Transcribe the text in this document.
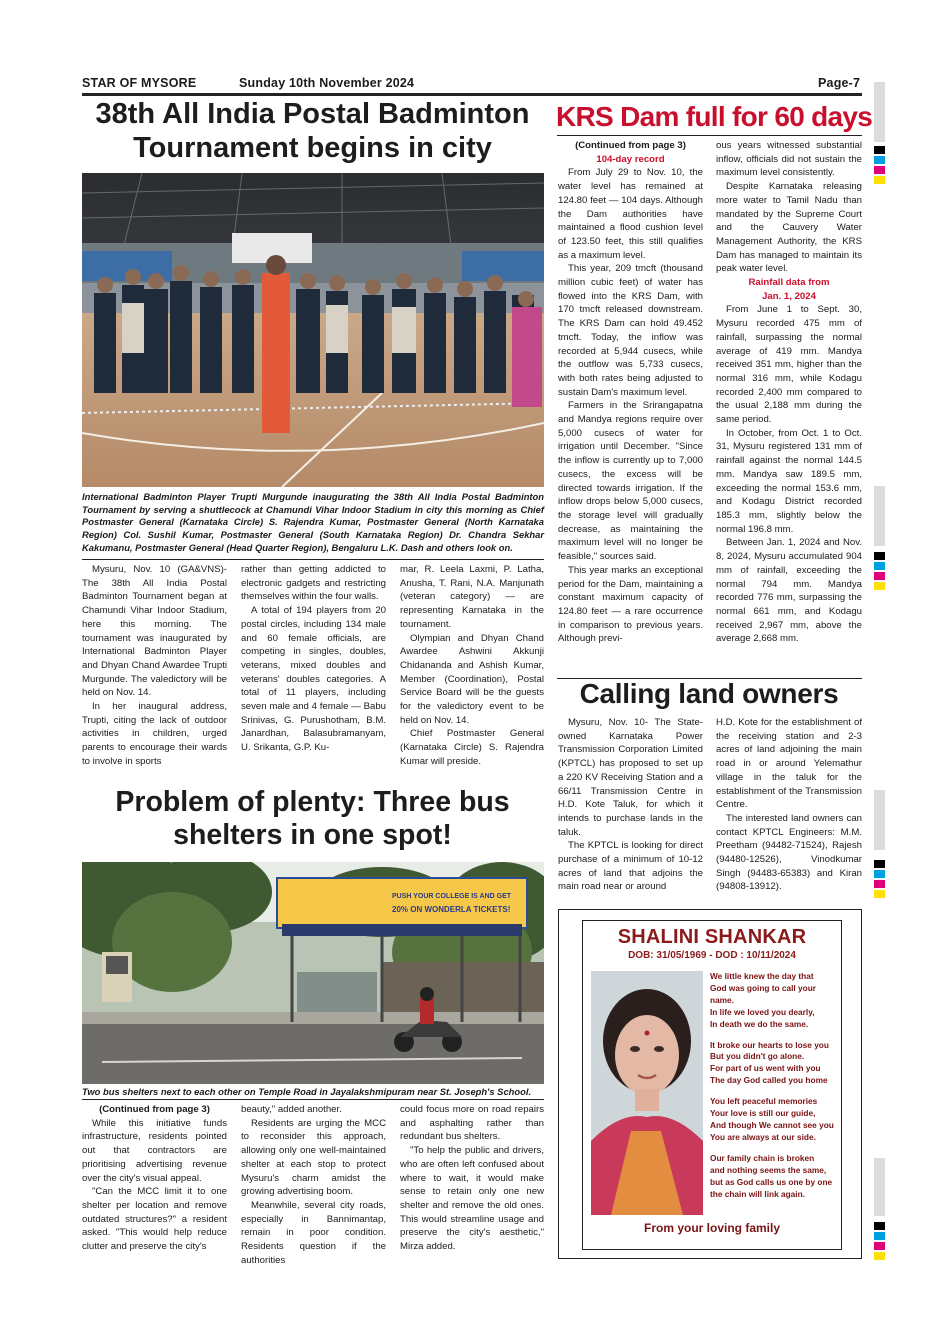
STAR OF MYSORE	Sunday 10th November 2024	Page-7
38th All India Postal Badminton
Tournament begins in city
International Badminton Player Trupti Murgunde inaugurating the 38th All India Postal Badminton Tournament by serving a shuttlecock at Chamundi Vihar Indoor Stadium in city this morning as Chief Postmaster General (Karnataka Circle) S. Rajendra Kumar, Postmaster General (North Karnataka Region) Col. Sushil Kumar, Postmaster General (South Karnataka Region) Dr. Chandra Sekhar Kakumanu, Postmaster General (Head Quarter Region), Bengaluru L.K. Dash and others look on.

Mysuru, Nov. 10 (GA&VNS)- The 38th All India Postal Badminton Tournament began at Chamundi Vihar Indoor Stadium, here this morning. The tournament was inaugurated by International Badminton Player and Dhyan Chand Awardee Trupti Murgunde. The valedictory will be held on Nov. 14.

In her inaugural address, Trupti, citing the lack of outdoor activities in children, urged parents to encourage their wards to involve in sports

rather than getting addicted to electronic gadgets and restricting themselves within the four walls.

A total of 194 players from 20 postal circles, including 134 male and 60 female officials, are competing in singles, doubles, veterans, mixed doubles and veterans' doubles categories. A total of 11 players, including seven male and 4 female — Babu Srinivas, G. Purushotham, B.M. Janardhan, Balasubramanyam, U. Srikanta, G.P. Ku-

mar, R. Leela Laxmi, P. Latha, Anusha, T. Rani, N.A. Manjunath (veteran category) — are representing Karnataka in the tournament.

Olympian and Dhyan Chand Awardee Ashwini Akkunji Chidananda and Ashish Kumar, Member (Coordination), Postal Service Board will be the guests for the valedictory event to be held on Nov. 14.

Chief Postmaster General (Karnataka Circle) S. Rajendra Kumar will preside.

KRS Dam full for 60 days

(Continued from page 3)

104-day record

From July 29 to Nov. 10, the water level has remained at 124.80 feet — 104 days. Although the Dam authorities have maintained a flood cushion level of 123.50 feet, this still qualifies as a maximum level.

This year, 209 tmcft (thousand million cubic feet) of water has flowed into the KRS Dam, with 170 tmcft released downstream. The KRS Dam can hold 49.452 tmcft. Today, the inflow was recorded at 5,944 cusecs, while the outflow was 5,733 cusecs, with both rates being adjusted to sustain Dam's maximum level.

Farmers in the Srirangapatna and Mandya regions require over 5,000 cusecs of water for irrigation until December. "Since the inflow is currently up to 7,000 cusecs, the excess will be directed towards irrigation. If the inflow drops below 5,000 cusecs, the storage level will gradually decrease, as maintaining the maximum level will no longer be feasible," sources said.

This year marks an exceptional period for the Dam, maintaining a constant maximum capacity of 124.80 feet — a rare occurrence in comparison to previous years. Although previ-

ous years witnessed substantial inflow, officials did not sustain the maximum level consistently.

Despite Karnataka releasing more water to Tamil Nadu than mandated by the Supreme Court and the Cauvery Water Management Authority, the KRS Dam has managed to maintain its peak water level.

Rainfall data from

Jan. 1, 2024

From June 1 to Sept. 30, Mysuru recorded 475 mm of rainfall, surpassing the normal average of 419 mm. Mandya received 351 mm, higher than the normal 316 mm, while Kodagu recorded 2,400 mm compared to the usual 2,188 mm during the same period.

In October, from Oct. 1 to Oct. 31, Mysuru registered 131 mm of rainfall against the normal 144.5 mm. Mandya saw 189.5 mm, exceeding the normal 153.6 mm, and Kodagu District recorded 185.3 mm, slightly below the normal 196.8 mm.

Between Jan. 1, 2024 and Nov. 8, 2024, Mysuru accumulated 904 mm of rainfall, exceeding the normal 794 mm. Mandya recorded 776 mm, surpassing the normal 661 mm, and Kodagu received 2,967 mm, above the average 2,668 mm.

Calling land owners

Mysuru, Nov. 10- The State-owned Karnataka Power Transmission Corporation Limited (KPTCL) has proposed to set up a 220 KV Receiving Station and a 66/11 Transmission Centre in H.D. Kote Taluk, for which it intends to purchase lands in the taluk.

The KPTCL is looking for direct purchase of a minimum of 10-12 acres of land that adjoins the main road near or around

H.D. Kote for the establishment of the receiving station and 2-3 acres of land adjoining the main road in or around Yelemathur village in the taluk for the establishment of the Transmission Centre.

The interested land owners can contact KPTCL Engineers: M.M. Preetham (94482-71524), Rajesh (94480-12526), Vinodkumar Singh (94483-65383) and Kiran (94808-13912).

Problem of plenty: Three bus
shelters in one spot!
PUSH YOUR COLLEGE IS AND GET
20% ON WONDERLA TICKETS!
Two bus shelters next to each other on Temple Road in Jayalakshmipuram near St. Joseph's School.

(Continued from page 3)

While this initiative funds infrastructure, residents pointed out that contractors are prioritising advertising revenue over the city's visual appeal.

"Can the MCC limit it to one shelter per location and remove outdated structures?" a resident asked. "This would help reduce clutter and preserve the city's

beauty," added another.

Residents are urging the MCC to reconsider this approach, allowing only one well-maintained shelter at each stop to protect Mysuru's charm amidst the growing advertising boom.

Meanwhile, several city roads, especially in Bannimantap, remain in poor condition. Residents question if the authorities

could focus more on road repairs and asphalting rather than redundant bus shelters.

"To help the public and drivers, who are often left confused about where to wait, it would make sense to retain only one new shelter and remove the old ones. This would streamline usage and preserve the city's aesthetic," Mirza added.

SHALINI SHANKAR
DOB: 31/05/1969 - DOD : 10/11/2024

We little knew the day that

God was going to call your name.

In life we loved you dearly,

In death we do the same.

It broke our hearts to lose you

But you didn't go alone.

For part of us went with you

The day God called you home

You left peaceful memories

Your love is still our guide,

And though We cannot see you

You are always at our side.

Our family chain is broken

and nothing seems the same,

but as God calls us one by one

the chain will link again.

From your loving family
